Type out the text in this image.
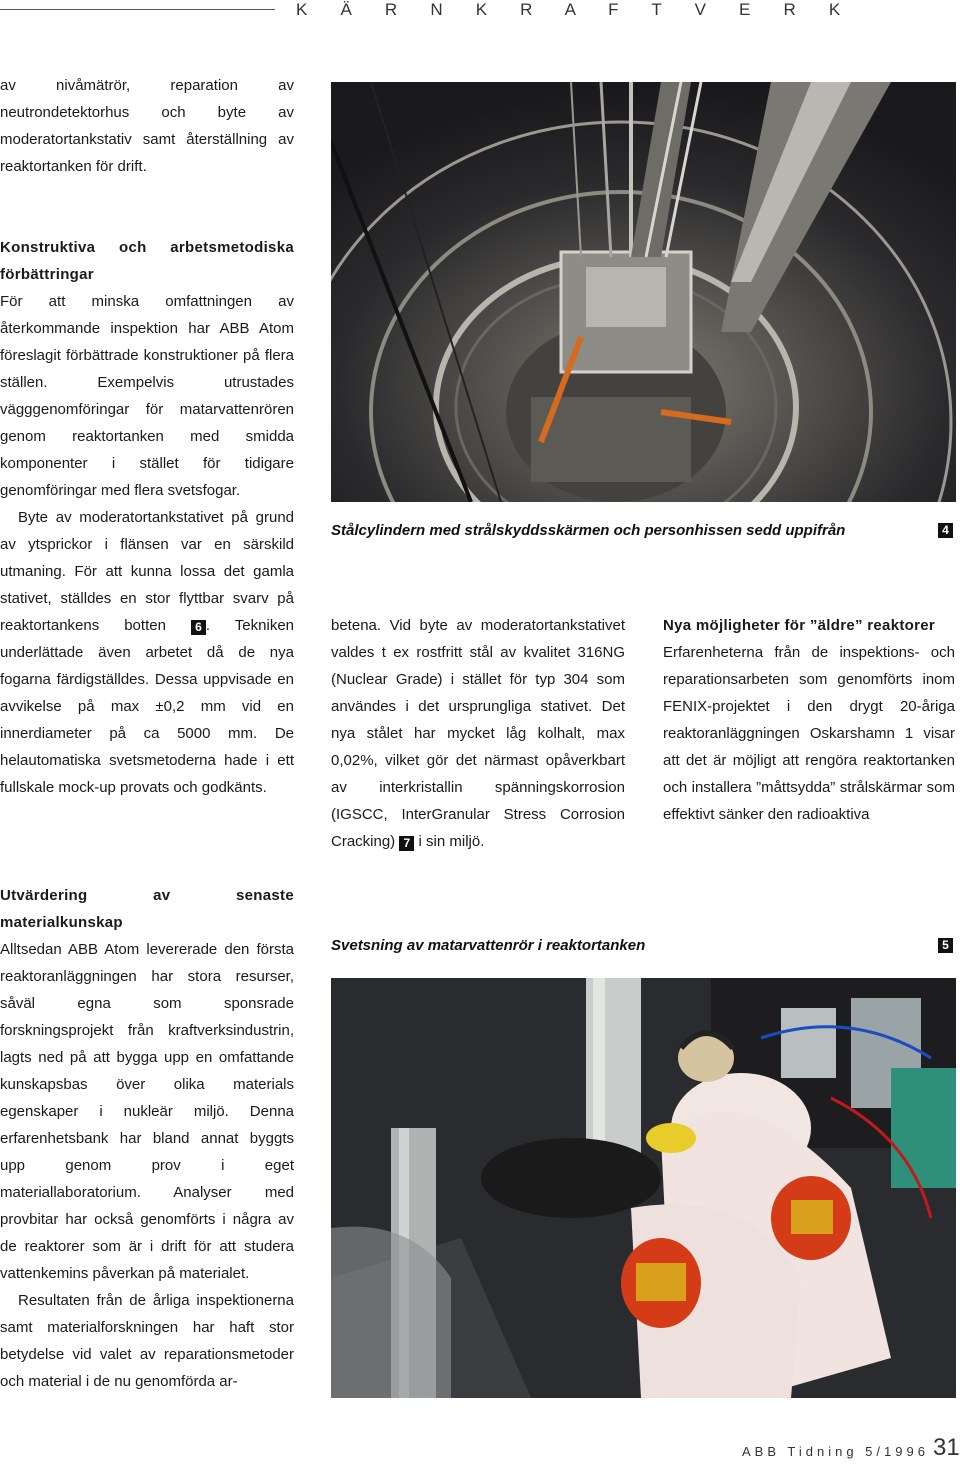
K Ä R N K R A F T V E R K

av nivåmätrör, reparation av neutrondetektorhus och byte av moderatortankstativ samt återställning av reaktortanken för drift.

Konstruktiva och arbetsmetodiska förbättringar

För att minska omfattningen av återkommande inspektion har ABB Atom föreslagit förbättrade konstruktioner på flera ställen. Exempelvis utrustades vägggenomföringar för matarvattenrören genom reaktortanken med smidda komponenter i stället för tidigare genomföringar med flera svetsfogar.

Byte av moderatortankstativet på grund av ytsprickor i flänsen var en särskild utmaning. För att kunna lossa det gamla stativet, ställdes en stor flyttbar svarv på reaktortankens botten 6 . Tekniken underlättade även arbetet då de nya fogarna färdigställdes. Dessa uppvisade en avvikelse på max ±0,2 mm vid en innerdiameter på ca 5000 mm. De helautomatiska svetsmetoderna hade i ett fullskale mock-up provats och godkänts.

Utvärdering av senaste materialkunskap

Alltsedan ABB Atom levererade den första reaktoranläggningen har stora resurser, såväl egna som sponsrade forskningsprojekt från kraftverksindustrin, lagts ned på att bygga upp en omfattande kunskapsbas över olika materials egenskaper i nukleär miljö. Denna erfarenhetsbank har bland annat byggts upp genom prov i eget materiallaboratorium. Analyser med provbitar har också genomförts i några av de reaktorer som är i drift för att studera vattenkemins påverkan på materialet.

Resultaten från de årliga inspektionerna samt materialforskningen har haft stor betydelse vid valet av reparationsmetoder och material i de nu genomförda ar-

Stålcylindern med strålskyddsskärmen och personhissen sedd uppifrån	4

betena. Vid byte av moderatortankstativet valdes t ex rostfritt stål av kvalitet 316NG (Nuclear Grade) i stället för typ 304 som användes i det ursprungliga stativet. Det nya stålet har mycket låg kolhalt, max 0,02%, vilket gör det närmast opåverkbart av interkristallin spänningskorrosion (IGSCC, InterGranular Stress Corrosion Cracking) 7 i sin miljö.

Nya möjligheter för ”äldre” reaktorer

Erfarenheterna från de inspektions- och reparationsarbeten som genomförts inom FENIX-projektet i den drygt 20-åriga reaktoranläggningen Oskarshamn 1 visar att det är möjligt att rengöra reaktortanken och installera ”måttsydda” strålskärmar som effektivt sänker den radioaktiva

Svetsning av matarvattenrör i reaktortanken	5
ABB Tidning 5/1996 31
